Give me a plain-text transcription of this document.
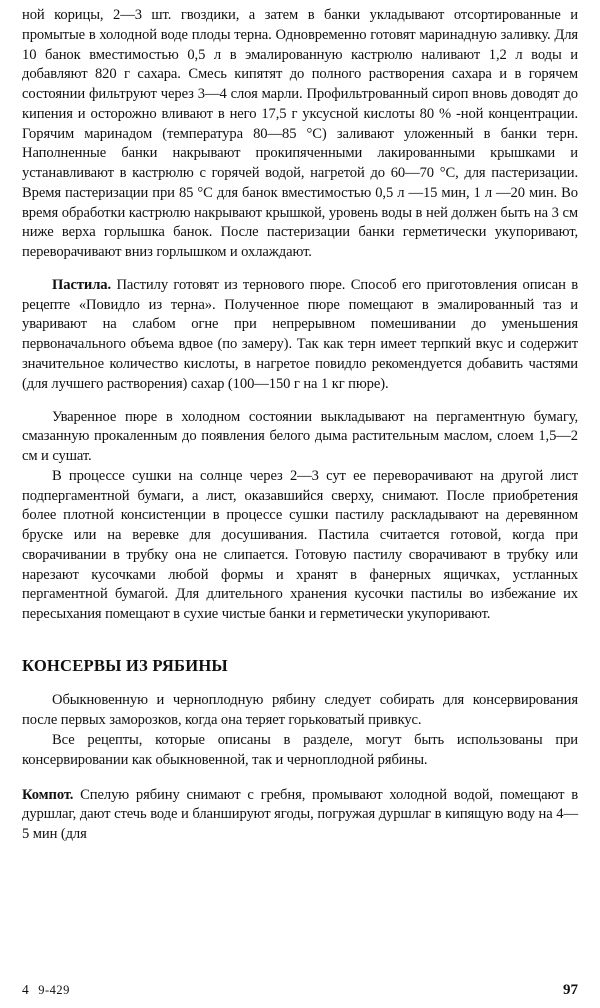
ной корицы, 2—3 шт. гвоздики, а затем в банки укладывают отсортированные и промытые в холодной воде плоды терна. Одновременно готовят маринадную заливку. Для 10 банок вместимостью 0,5 л в эмалированную кастрюлю наливают 1,2 л воды и добавляют 820 г сахара. Смесь кипятят до полного растворения сахара и в горячем состоянии фильтруют через 3—4 слоя марли. Профильтрованный сироп вновь доводят до кипения и осторожно вливают в него 17,5 г уксусной кислоты 80 % -ной концентрации. Горячим маринадом (температура 80—85 °С) заливают уложенный в банки терн. Наполненные банки накрывают прокипяченными лакированными крышками и устанавливают в кастрюлю с горячей водой, нагретой до 60—70 °С, для пастеризации. Время пастеризации при 85 °С для банок вместимостью 0,5 л —15 мин, 1 л —20 мин. Во время обработки кастрюлю накрывают крышкой, уровень воды в ней должен быть на 3 см ниже верха горлышка банок. После пастеризации банки герметически укупоривают, переворачивают вниз горлышком и охлаждают.

Пастила. Пастилу готовят из тернового пюре. Способ его приготовления описан в рецепте «Повидло из терна». Полученное пюре помещают в эмалированный таз и уваривают на слабом огне при непрерывном помешивании до уменьшения первоначального объема вдвое (по замеру). Так как терн имеет терпкий вкус и содержит значительное количество кислоты, в нагретое повидло рекомендуется добавить частями (для лучшего растворения) сахар (100—150 г на 1 кг пюре).

Уваренное пюре в холодном состоянии выкладывают на пергаментную бумагу, смазанную прокаленным до появления белого дыма растительным маслом, слоем 1,5—2 см и сушат.

В процессе сушки на солнце через 2—3 сут ее переворачивают на другой лист подпергаментной бумаги, а лист, оказавшийся сверху, снимают. После приобретения более плотной консистенции в процессе сушки пастилу раскладывают на деревянном бруске или на веревке для досушивания. Пастила считается готовой, когда при сворачивании в трубку она не слипается. Готовую пастилу сворачивают в трубку или нарезают кусочками любой формы и хранят в фанерных ящичках, устланных пергаментной бумагой. Для длительного хранения кусочки пастилы во избежание их пересыхания помещают в сухие чистые банки и герметически укупоривают.

КОНСЕРВЫ ИЗ РЯБИНЫ

Обыкновенную и черноплодную рябину следует собирать для консервирования после первых заморозков, когда она теряет горьковатый привкус.

Все рецепты, которые описаны в разделе, могут быть использованы при консервировании как обыкновенной, так и черноплодной рябины.

Компот. Спелую рябину снимают с гребня, промывают холодной водой, помещают в дуршлаг, дают стечь воде и бланшируют ягоды, погружая дуршлаг в кипящую воду на 4—5 мин (для

4 9-429	97
